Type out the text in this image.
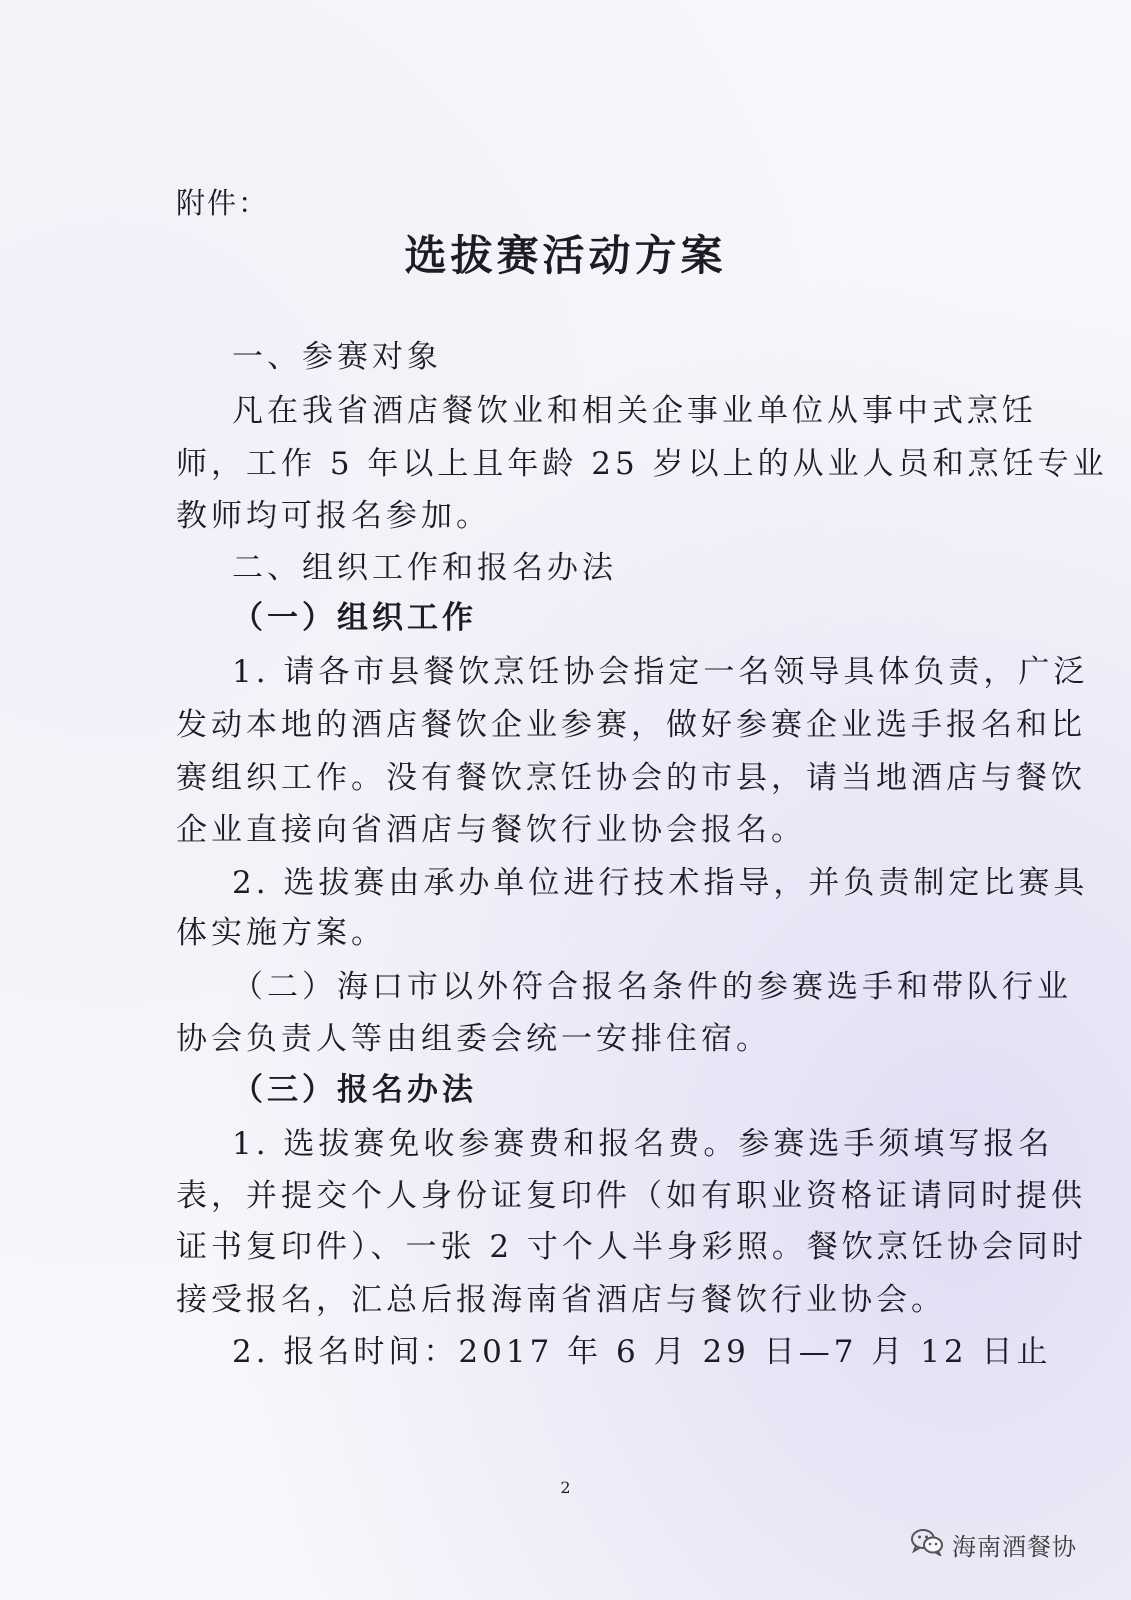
附件：

选拔赛活动方案

一、参赛对象

凡在我省酒店餐饮业和相关企事业单位从事中式烹饪

师，工作 5 年以上且年龄 25 岁以上的从业人员和烹饪专业

教师均可报名参加。

二、组织工作和报名办法

（一）组织工作

1. 请各市县餐饮烹饪协会指定一名领导具体负责，广泛

发动本地的酒店餐饮企业参赛，做好参赛企业选手报名和比

赛组织工作。没有餐饮烹饪协会的市县，请当地酒店与餐饮

企业直接向省酒店与餐饮行业协会报名。

2. 选拔赛由承办单位进行技术指导，并负责制定比赛具

体实施方案。

（二）海口市以外符合报名条件的参赛选手和带队行业

协会负责人等由组委会统一安排住宿。

（三）报名办法

1. 选拔赛免收参赛费和报名费。参赛选手须填写报名

表，并提交个人身份证复印件（如有职业资格证请同时提供

证书复印件）、一张 2 寸个人半身彩照。餐饮烹饪协会同时

接受报名，汇总后报海南省酒店与餐饮行业协会。

2. 报名时间：2017 年 6 月 29 日—7 月 12 日止

2

海南酒餐协
